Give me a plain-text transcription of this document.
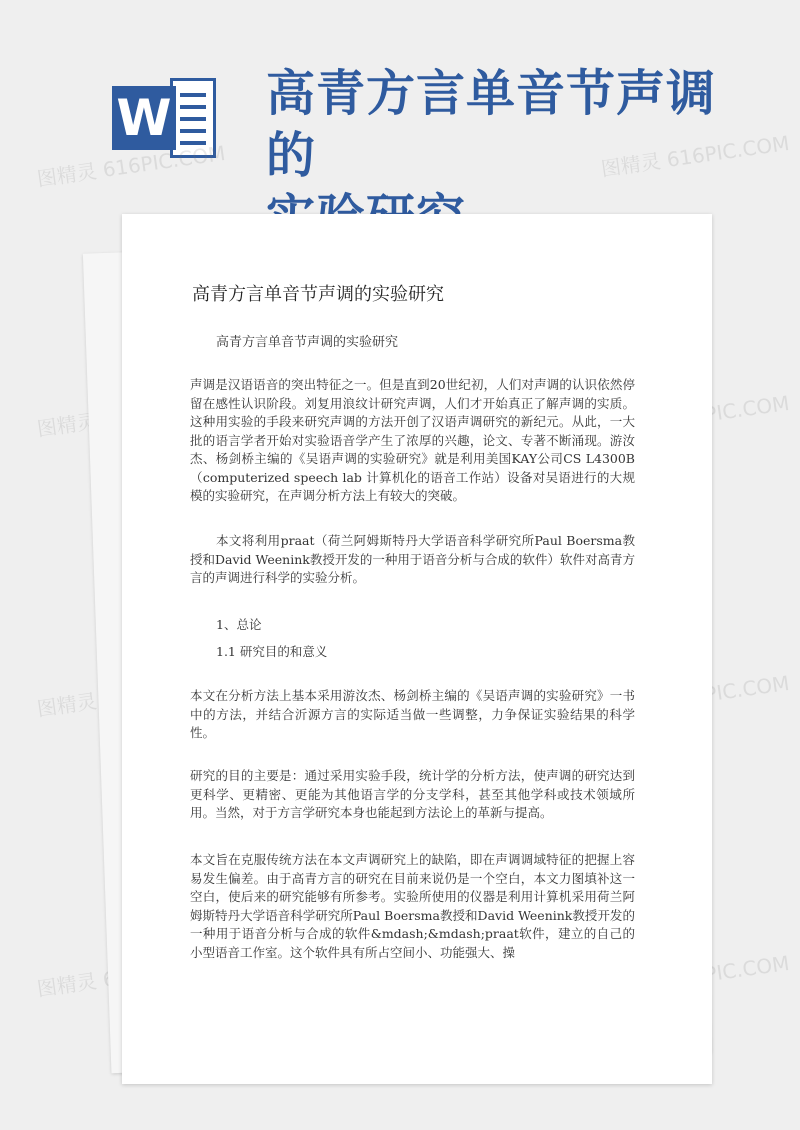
W 高青方言单音节声调的
图精灵 616PIC.COM	图精灵 616PIC.COM
图精灵	616PIC.COM
图精灵	616PIC.COM
图精灵	616PIC.COM
高青方言单音节声调的实验研究
高青方言单音节声调的实验研究
声调是汉语语音的突出特征之一。但是直到20世纪初，人们对声调的认识依然停留在感性认识阶段。刘复用浪纹计研究声调，人们才开始真正了解声调的实质。这种用实验的手段来研究声调的方法开创了汉语声调研究的新纪元。从此，一大批的语言学者开始对实验语音学产生了浓厚的兴趣，论文、专著不断涌现。游汝杰、杨剑桥主编的《吴语声调的实验研究》就是利用美国KAY公司CS L4300B（computerized speech lab 计算机化的语音工作站）设备对吴语进行的大规模的实验研究，在声调分析方法上有较大的突破。
本文将利用praat（荷兰阿姆斯特丹大学语音科学研究所Paul Boersma教授和David Weenink教授开发的一种用于语音分析与合成的软件）软件对高青方言的声调进行科学的实验分析。
1、总论
1.1 研究目的和意义
本文在分析方法上基本采用游汝杰、杨剑桥主编的《吴语声调的实验研究》一书中的方法，并结合沂源方言的实际适当做一些调整，力争保证实验结果的科学性。
研究的目的主要是：通过采用实验手段，统计学的分析方法，使声调的研究达到更科学、更精密、更能为其他语言学的分支学科，甚至其他学科或技术领域所用。当然，对于方言学研究本身也能起到方法论上的革新与提高。
本文旨在克服传统方法在本文声调研究上的缺陷，即在声调调域特征的把握上容易发生偏差。由于高青方言的研究在目前来说仍是一个空白，本文力图填补这一空白，使后来的研究能够有所参考。实验所使用的仪器是利用计算机采用荷兰阿姆斯特丹大学语音科学研究所Paul Boersma教授和David Weenink教授开发的一种用于语音分析与合成的软件&mdash;&mdash;praat软件，建立的自己的小型语音工作室。这个软件具有所占空间小、功能强大、操
